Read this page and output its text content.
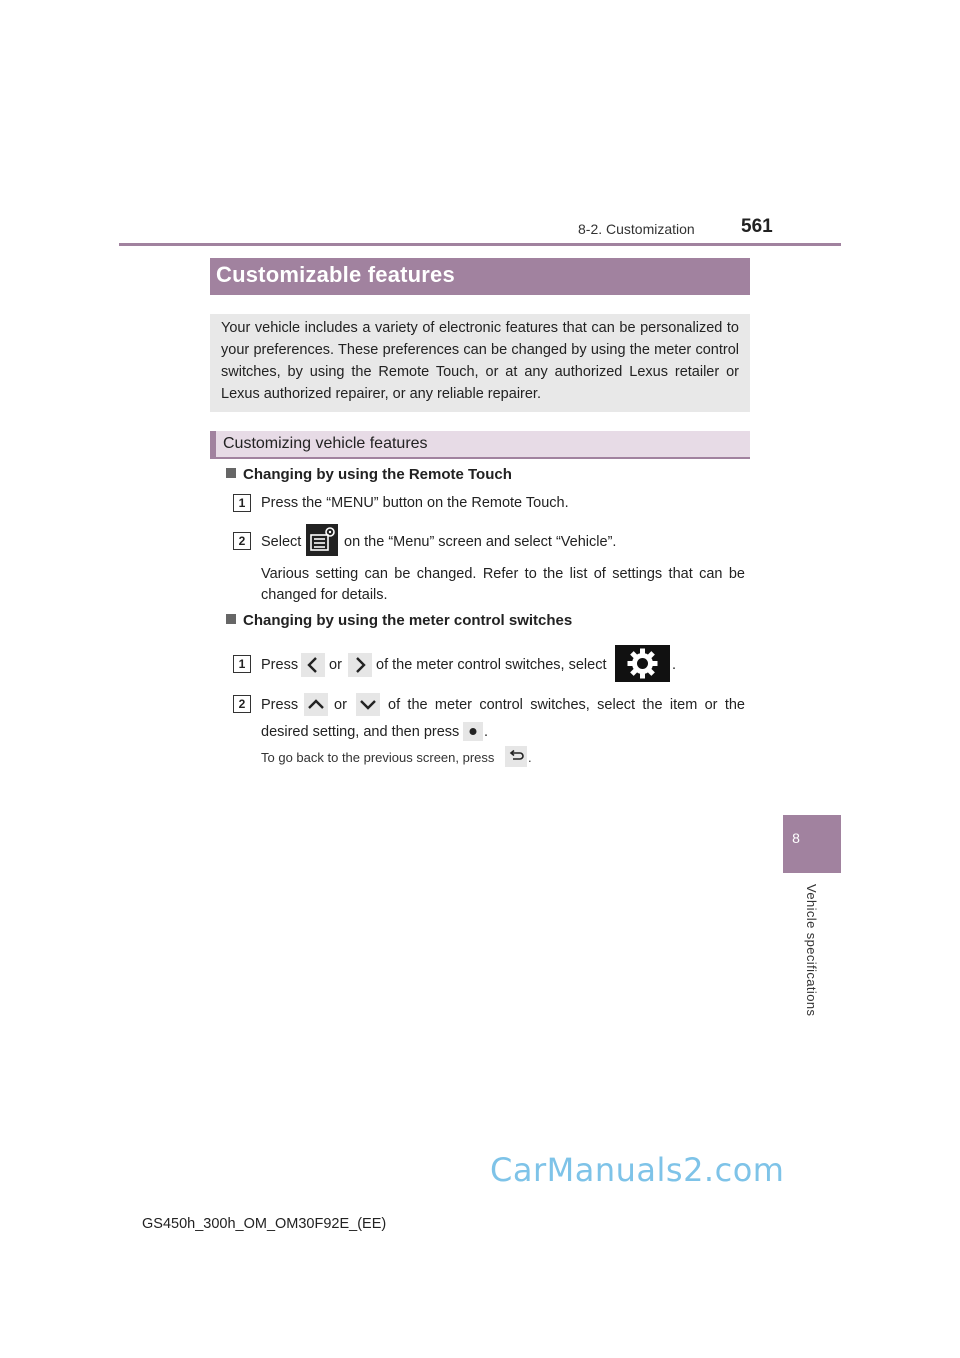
8-2. Customization 561
Customizable features
Your vehicle includes a variety of electronic features that can be personalized to your preferences. These preferences can be changed by using the meter control switches, by using the Remote Touch, or at any authorized Lexus retailer or Lexus authorized repairer, or any reliable repairer.
Customizing vehicle features
Changing by using the Remote Touch
1	Press the “MENU” button on the Remote Touch.
2	Select	on the “Menu” screen and select “Vehicle”.
Various setting can be changed. Refer to the list of settings that can be changed for details.
Changing by using the meter control switches
1	Press or of the meter control switches, select	.
2	Press or	of the meter control switches, select the item or the
desired setting, and then press .
To go back to the previous screen, press	.
8
Vehicle specifications
CarManuals2.com
GS450h_300h_OM_OM30F92E_(EE)
